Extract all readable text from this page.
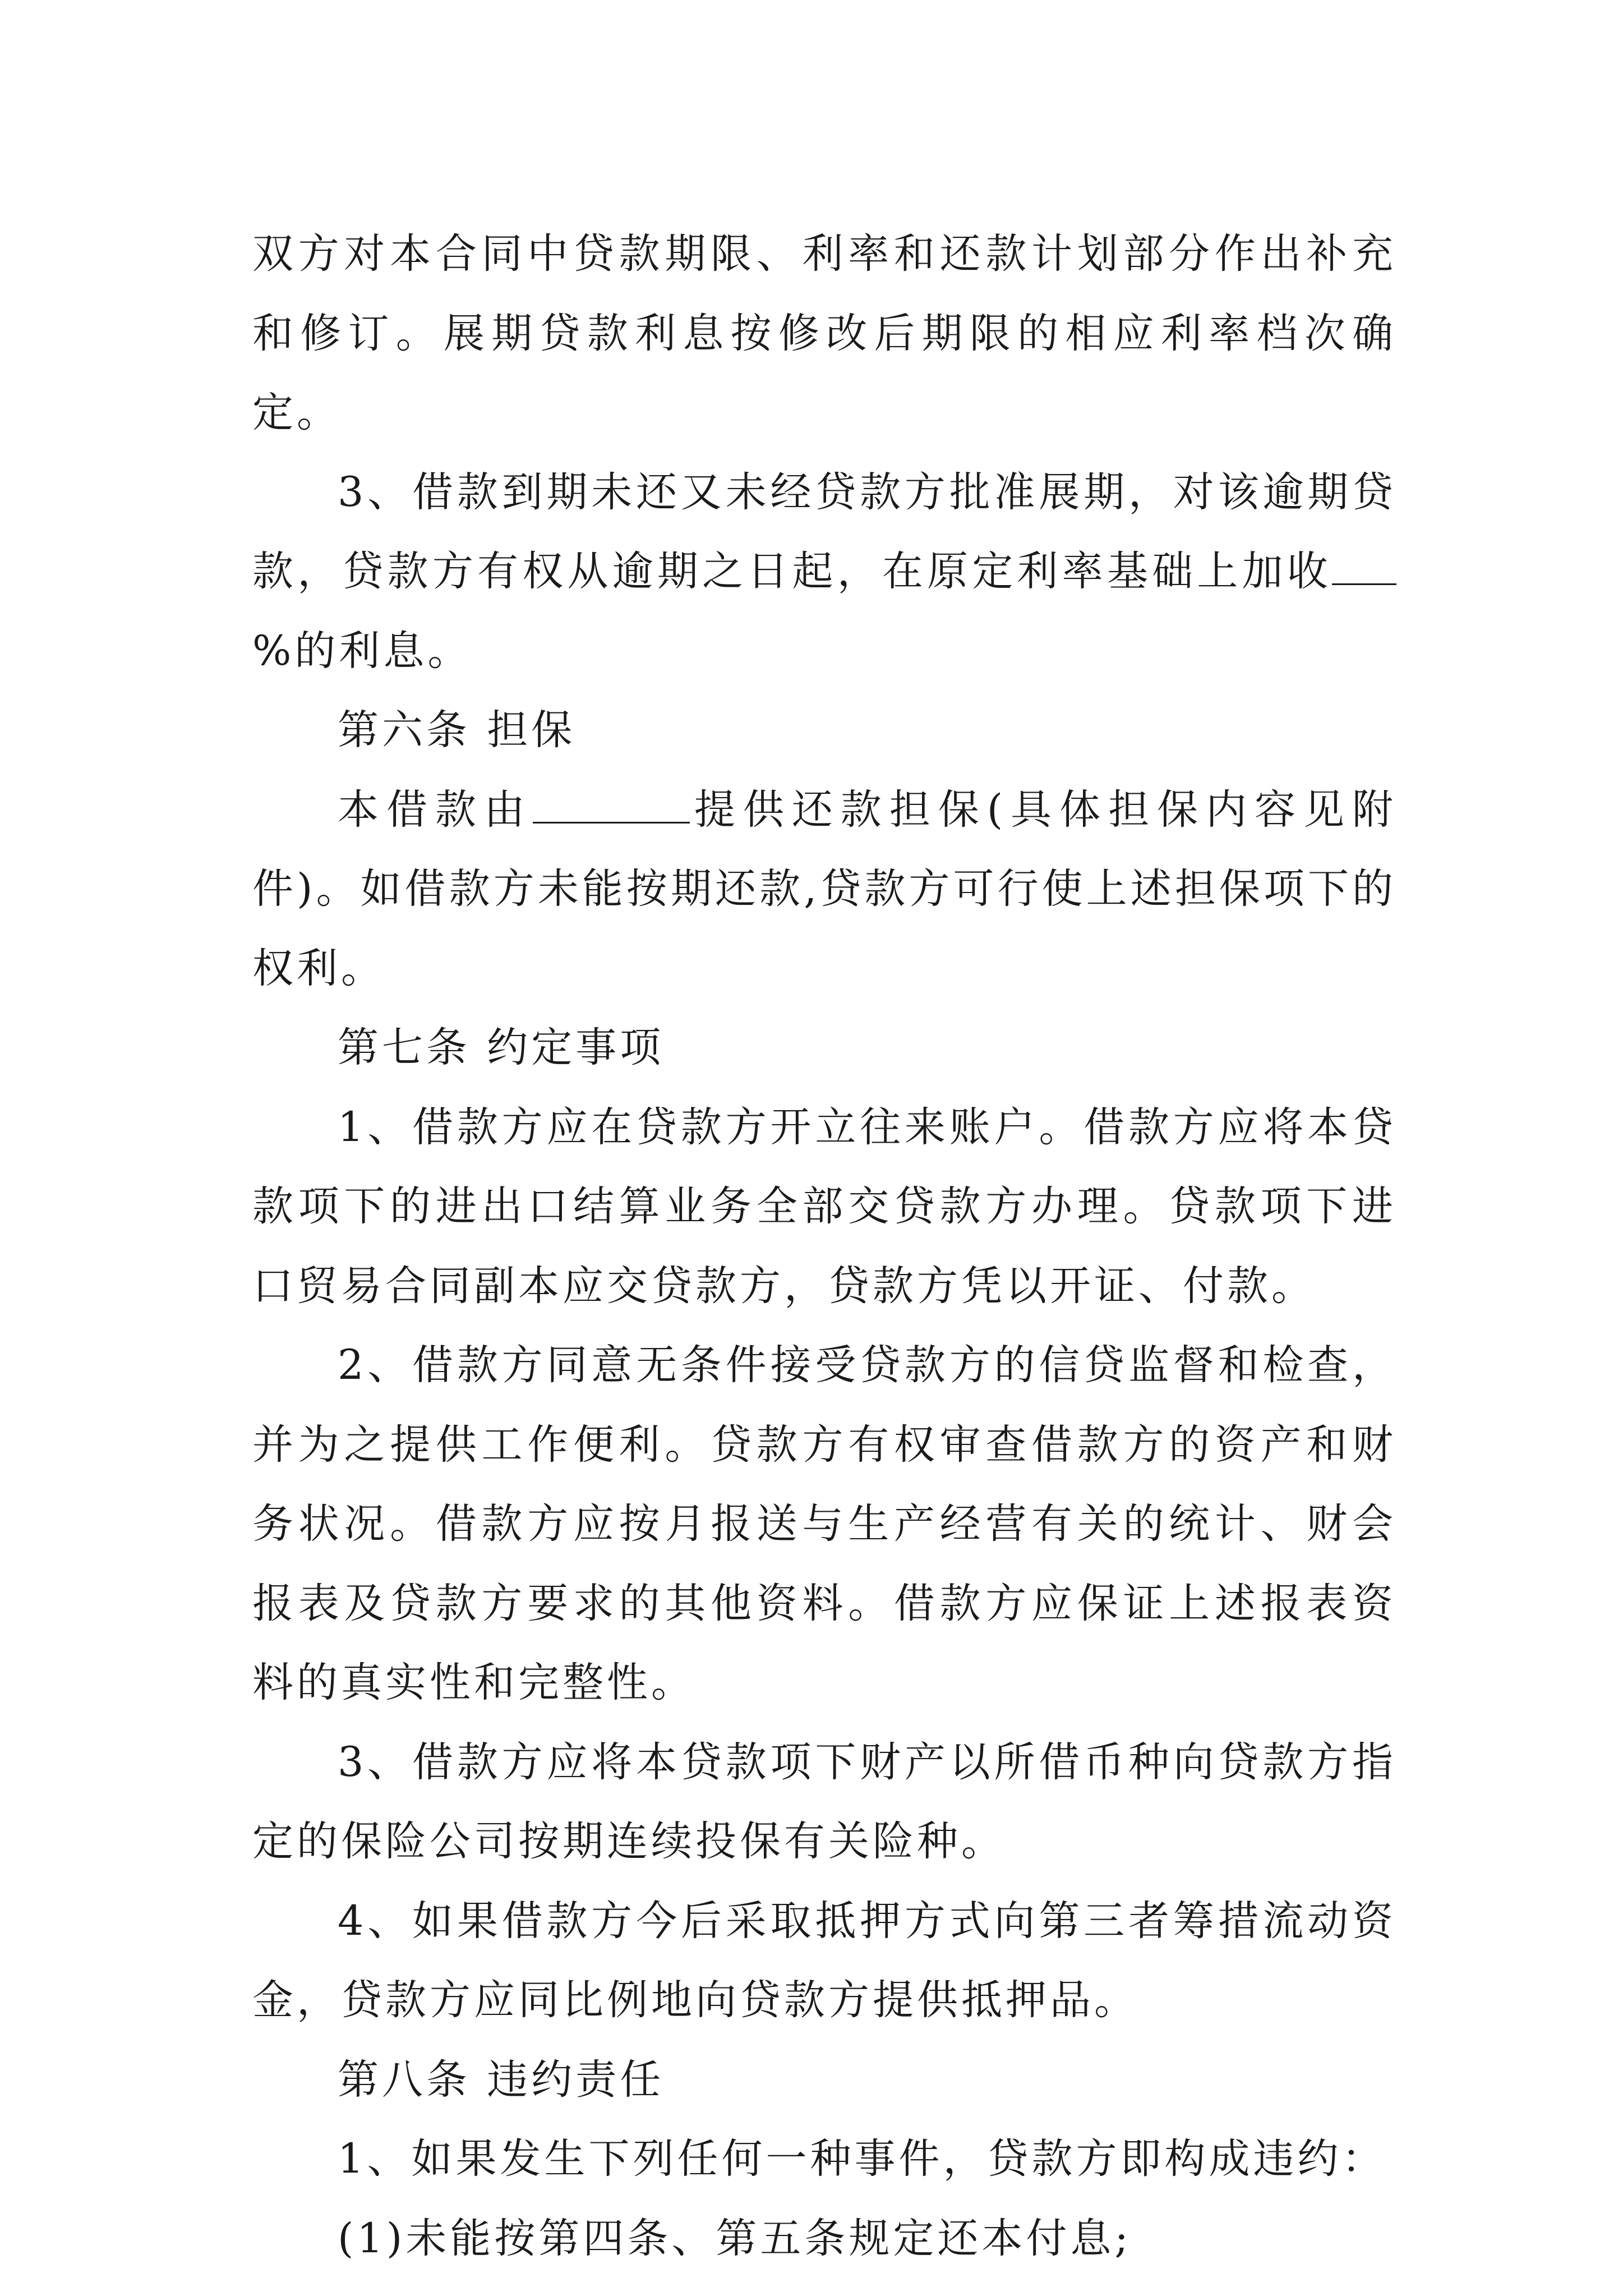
双方对本合同中贷款期限、利率和还款计划部分作出补充和修订。展期贷款利息按修改后期限的相应利率档次确定。

3、借款到期未还又未经贷款方批准展期，对该逾期贷款，贷款方有权从逾期之日起，在原定利率基础上加收%的利息。

第六条 担保

本借款由	提供还款担保(具体担保内容见附件)。如借款方未能按期还款,贷款方可行使上述担保项下的权利。

第七条 约定事项

1、借款方应在贷款方开立往来账户。借款方应将本贷款项下的进出口结算业务全部交贷款方办理。贷款项下进口贸易合同副本应交贷款方，贷款方凭以开证、付款。

2、借款方同意无条件接受贷款方的信贷监督和检查，并为之提供工作便利。贷款方有权审查借款方的资产和财务状况。借款方应按月报送与生产经营有关的统计、财会报表及贷款方要求的其他资料。借款方应保证上述报表资料的真实性和完整性。

3、借款方应将本贷款项下财产以所借币种向贷款方指定的保险公司按期连续投保有关险种。

4、如果借款方今后采取抵押方式向第三者筹措流动资金，贷款方应同比例地向贷款方提供抵押品。

第八条 违约责任

1、如果发生下列任何一种事件，贷款方即构成违约：

(1)未能按第四条、第五条规定还本付息;
